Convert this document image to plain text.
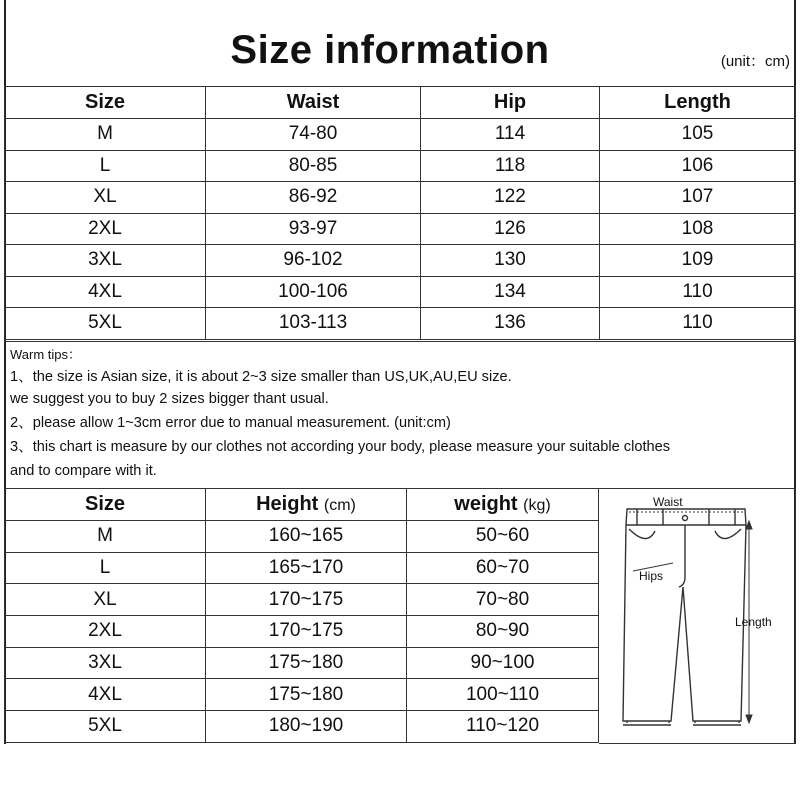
Size information	(unit：cm)
Size	Waist	Hip	Length
M	74-80	114	105
L	80-85	118	106
XL	86-92	122	107
2XL	93-97	126	108
3XL	96-102	130	109
4XL	100-106	134	110
5XL	103-113	136	110
Warm tips：
1、the size is Asian size, it is about 2~3 size smaller than US,UK,AU,EU size.
we suggest you to buy 2 sizes bigger thant usual.
2、please allow 1~3cm error due to manual measurement. (unit:cm)
3、this chart is measure by our clothes not according your body, please measure your suitable clothes
and to compare with it.
Size	Height (cm)	weight (kg)
M	160~165	50~60
L	165~170	60~70
XL	170~175	70~80
2XL	170~175	80~90
3XL	175~180	90~100
4XL	175~180	100~110
5XL	180~190	110~120
Waist
Hips
Length
